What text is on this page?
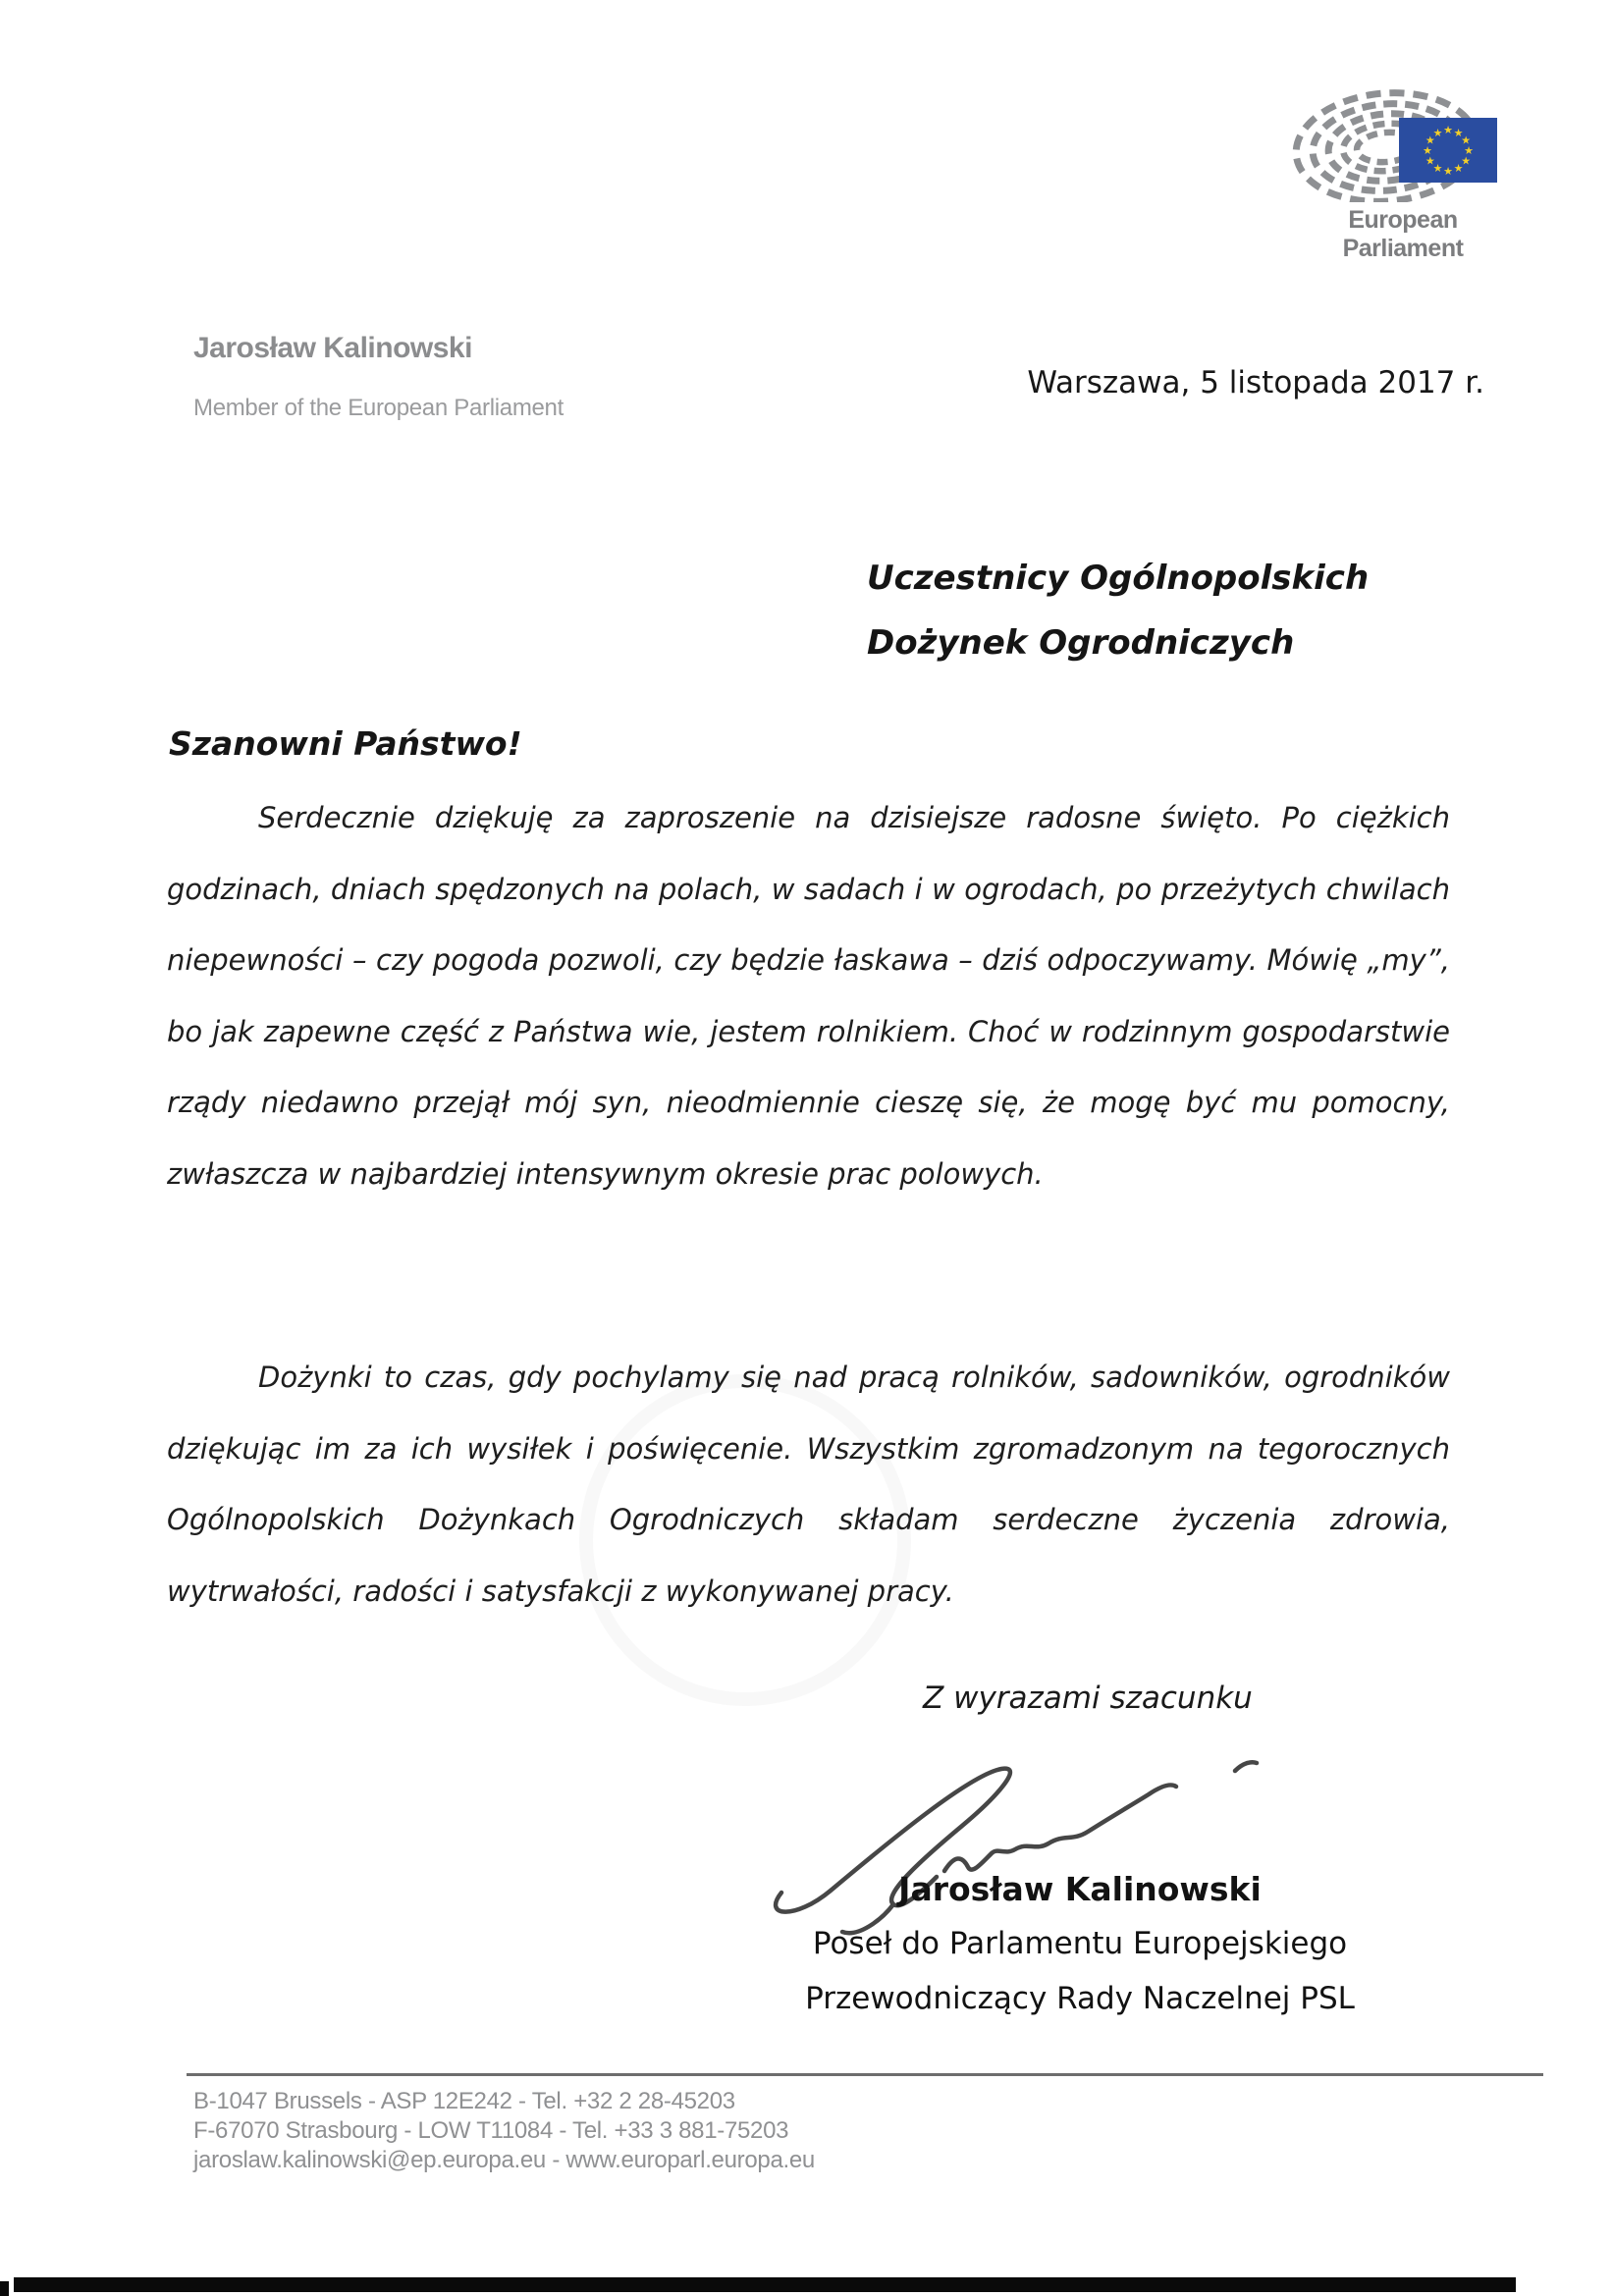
★ ★
★
★
★
★
★
★
★
★
★
★
European Parliament
Jarosław Kalinowski
Member of the European Parliament
Warszawa, 5 listopada 2017 r.
Uczestnicy Ogólnopolskich
Dożynek Ogrodniczych
Szanowni Państwo!
Serdecznie dziękuję za zaproszenie na dzisiejsze radosne święto. Po ciężkich godzinach, dniach spędzonych na polach, w sadach i w ogrodach, po przeżytych chwilach niepewności – czy pogoda pozwoli, czy będzie łaskawa – dziś odpoczywamy. Mówię „my”, bo jak zapewne część z Państwa wie, jestem rolnikiem. Choć w rodzinnym gospodarstwie rządy niedawno przejął mój syn, nieodmiennie cieszę się, że mogę być mu pomocny, zwłaszcza w najbardziej intensywnym okresie prac polowych.
Dożynki to czas, gdy pochylamy się nad pracą rolników, sadowników, ogrodników dziękując im za ich wysiłek i poświęcenie. Wszystkim zgromadzonym na tegorocznych Ogólnopolskich Dożynkach Ogrodniczych składam serdeczne życzenia zdrowia, wytrwałości, radości i satysfakcji z wykonywanej pracy.
Z wyrazami szacunku
Jarosław Kalinowski
Poseł do Parlamentu Europejskiego
Przewodniczący Rady Naczelnej PSL
B-1047 Brussels - ASP 12E242 - Tel. +32 2 28-45203
F-67070 Strasbourg - LOW T11084 - Tel. +33 3 881-75203
jaroslaw.kalinowski@ep.europa.eu - www.europarl.europa.eu
